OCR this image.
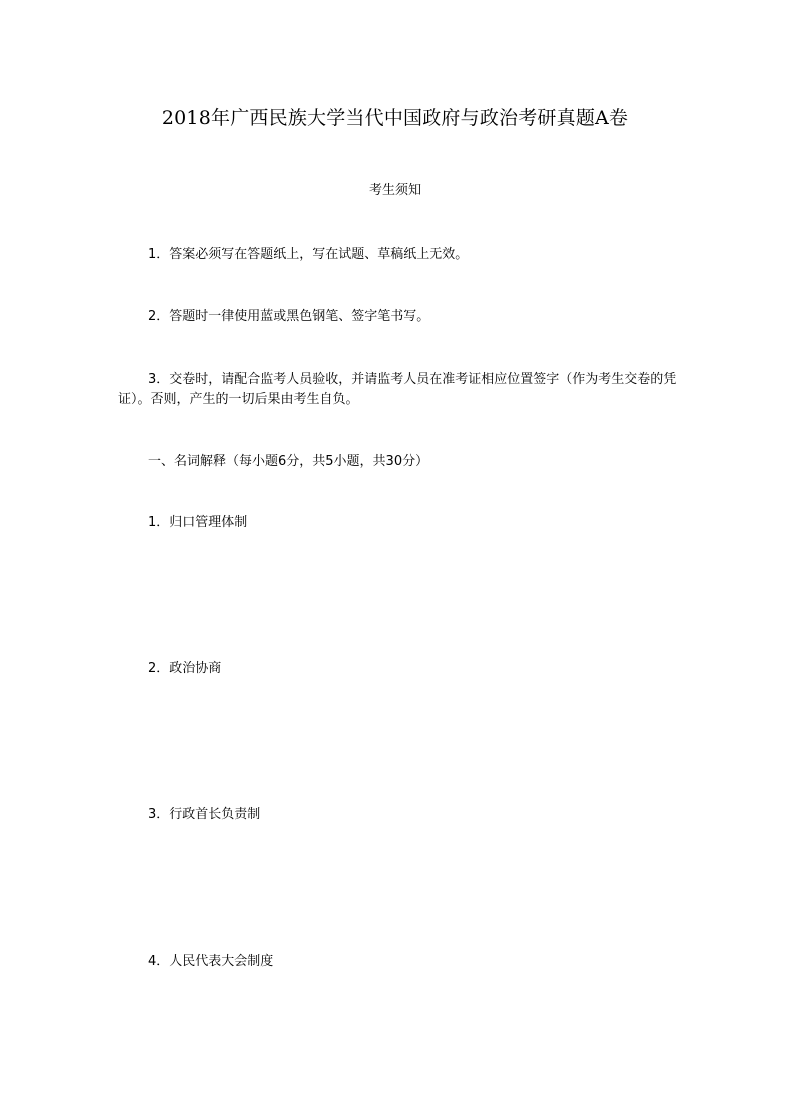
2018年广西民族大学当代中国政府与政治考研真题A卷
考生须知
1．答案必须写在答题纸上，写在试题、草稿纸上无效。
2．答题时一律使用蓝或黑色钢笔、签字笔书写。
3．交卷时，请配合监考人员验收，并请监考人员在准考证相应位置签字（作为考生交卷的凭证）。否则，产生的一切后果由考生自负。
一、名词解释（每小题6分，共5小题，共30分）
1．归口管理体制
2．政治协商
3．行政首长负责制
4．人民代表大会制度
